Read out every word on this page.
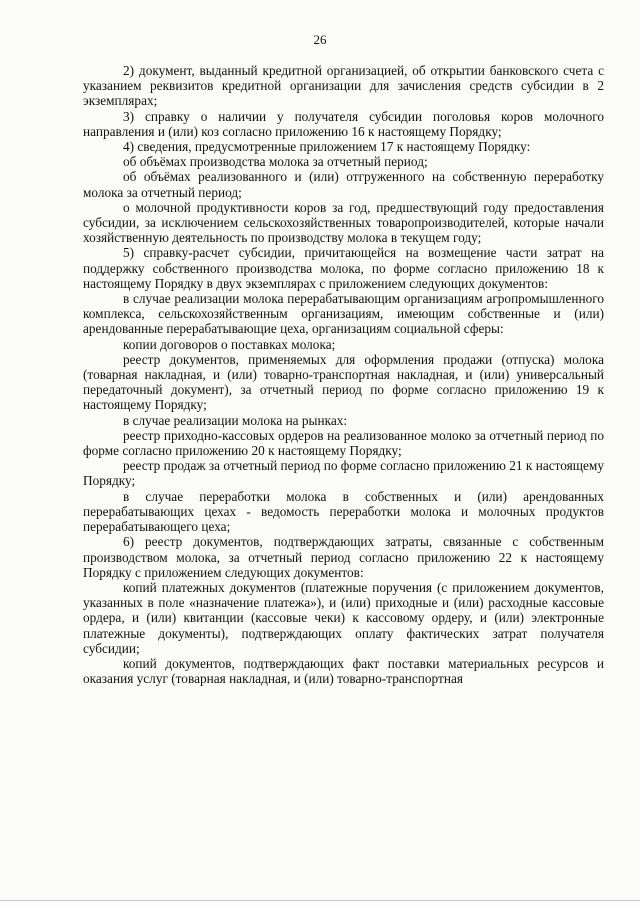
26

2) документ, выданный кредитной организацией, об открытии банковского счета с указанием реквизитов кредитной организации для зачисления средств субсидии в 2 экземплярах;

3) справку о наличии у получателя субсидии поголовья коров молочного направления и (или) коз согласно приложению 16 к настоящему Порядку;

4) сведения, предусмотренные приложением 17 к настоящему Порядку:

об объёмах производства молока за отчетный период;

об объёмах реализованного и (или) отгруженного на собственную переработку молока за отчетный период;

о молочной продуктивности коров за год, предшествующий году предоставления субсидии, за исключением сельскохозяйственных товаропроизводителей, которые начали хозяйственную деятельность по производству молока в текущем году;

5) справку-расчет субсидии, причитающейся на возмещение части затрат на поддержку собственного производства молока, по форме согласно приложению 18 к настоящему Порядку в двух экземплярах с приложением следующих документов:

в случае реализации молока перерабатывающим организациям агропромышленного комплекса, сельскохозяйственным организациям, имеющим собственные и (или) арендованные перерабатывающие цеха, организациям социальной сферы:

копии договоров о поставках молока;

реестр документов, применяемых для оформления продажи (отпуска) молока (товарная накладная, и (или) товарно-транспортная накладная, и (или) универсальный передаточный документ), за отчетный период по форме согласно приложению 19 к настоящему Порядку;

в случае реализации молока на рынках:

реестр приходно-кассовых ордеров на реализованное молоко за отчетный период по форме согласно приложению 20 к настоящему Порядку;

реестр продаж за отчетный период по форме согласно приложению 21 к настоящему Порядку;

в случае переработки молока в собственных и (или) арендованных перерабатывающих цехах - ведомость переработки молока и молочных продуктов перерабатывающего цеха;

6) реестр документов, подтверждающих затраты, связанные с собственным производством молока, за отчетный период согласно приложению 22 к настоящему Порядку с приложением следующих документов:

копий платежных документов (платежные поручения (с приложением документов, указанных в поле «назначение платежа»), и (или) приходные и (или) расходные кассовые ордера, и (или) квитанции (кассовые чеки) к кассовому ордеру, и (или) электронные платежные документы), подтверждающих оплату фактических затрат получателя субсидии;

копий документов, подтверждающих факт поставки материальных ресурсов и оказания услуг (товарная накладная, и (или) товарно-транспортная
